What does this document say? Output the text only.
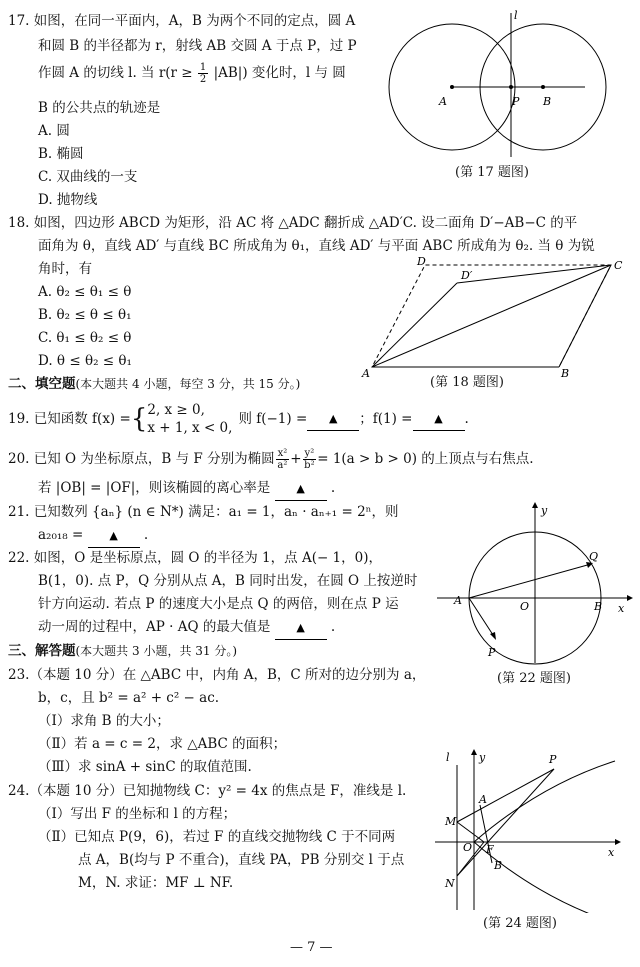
17. 如图，在同一平面内，A，B 为两个不同的定点，圆 A
和圆 B 的半径都为 r，射线 AB 交圆 A 于点 P，过 P
作圆 A 的切线 l. 当 $r(r \ge \frac{1}{2} |AB|)$ 变化时，l 与 圆
B 的公共点的轨迹是
A. 圆
B. 椭圆
C. 双曲线的一支
D. 抛物线
A	P B
l
(第 17 题图)
18. 如图，四边形 ABCD 为矩形，沿 AC 将 △ADC 翻折成 △AD′C. 设二面角 D′−AB−C 的平
面角为 θ，直线 AD′ 与直线 BC 所成角为 θ₁，直线 AD′ 与平面 ABC 所成角为 θ₂. 当 θ 为锐
角时，有
A. θ₂ ≤ θ₁ ≤ θ
B. θ₂ ≤ θ ≤ θ₁
C. θ₁ ≤ θ₂ ≤ θ
D. θ ≤ θ₂ ≤ θ₁
A	B
C
D
D′
(第 18 题图)
二、填空题(本大题共 4 小题，每空 3 分，共 15 分。)
19. 已知函数 f(x) = { 2, x ≥ 0,
x + 1, x < 0,
则 f(−1) =	▲	；f(1) =	▲	.
20. 已知 O 为坐标原点，B 与 F 分别为椭圆 $\frac{\text{x²}}{\text{a²}} + \frac{\text{y²}}{\text{b²}} = 1(a > b > 0)$ 的上顶点与右焦点.
若 |OB| = |OF|，则该椭圆的离心率是 ▲ .
21. 已知数列 {aₙ} (n ∈ N*) 满足：a₁ = 1，aₙ · aₙ₊₁ = 2ⁿ，则
a₂₀₁₈ = ▲ .
22. 如图，O 是坐标原点，圆 O 的半径为 1，点 A(− 1，0)，
B(1，0). 点 P，Q 分别从点 A，B 同时出发，在圆 O 上按逆时
针方向运动. 若点 P 的速度大小是点 Q 的两倍，则在点 P 运
动一周的过程中，AP · AQ 的最大值是 ▲ .
A	O	B
P
Q
y
x
(第 22 题图)
三、解答题(本大题共 3 小题，共 31 分。)
23.（本题 10 分）在 △ABC 中，内角 A，B，C 所对的边分别为 a，
b，c，且 b² = a² + c² − ac.
（Ⅰ）求角 B 的大小；
（Ⅱ）若 a = c = 2，求 △ABC 的面积；
（Ⅲ）求 sinA + sinC 的取值范围.
24.（本题 10 分）已知抛物线 C：y² = 4x 的焦点是 F，准线是 l.
（Ⅰ）写出 F 的坐标和 l 的方程；
（Ⅱ）已知点 P(9，6)，若过 F 的直线交抛物线 C 于不同两
点 A，B(均与 P 不重合)，直线 PA，PB 分别交 l 于点
M，N. 求证：MF ⊥ NF.
l	y
x
P
A
M
O F
B
N
(第 24 题图)
— 7 —
